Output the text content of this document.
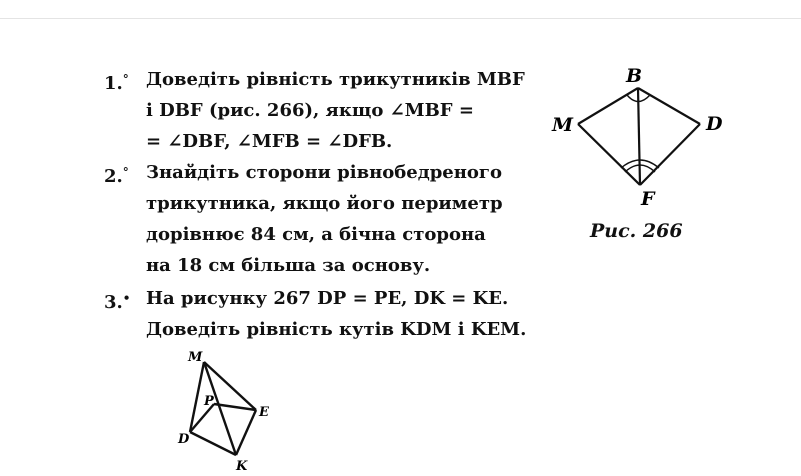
1.° Доведіть рівність трикутників MBF
і DBF (рис. 266), якщо ∠MBF =
= ∠DBF, ∠MFB = ∠DFB.
2.° Знайдіть сторони рівнобедреного
трикутника, якщо його периметр
дорівнює 84 см, а бічна сторона
на 18 см більша за основу.
3.• На рисунку 267 DP = PE, DK = KE.
Доведіть рівність кутів KDM і KEM.
B
M	D
F
Рис. 266
M
P
E
D
K
